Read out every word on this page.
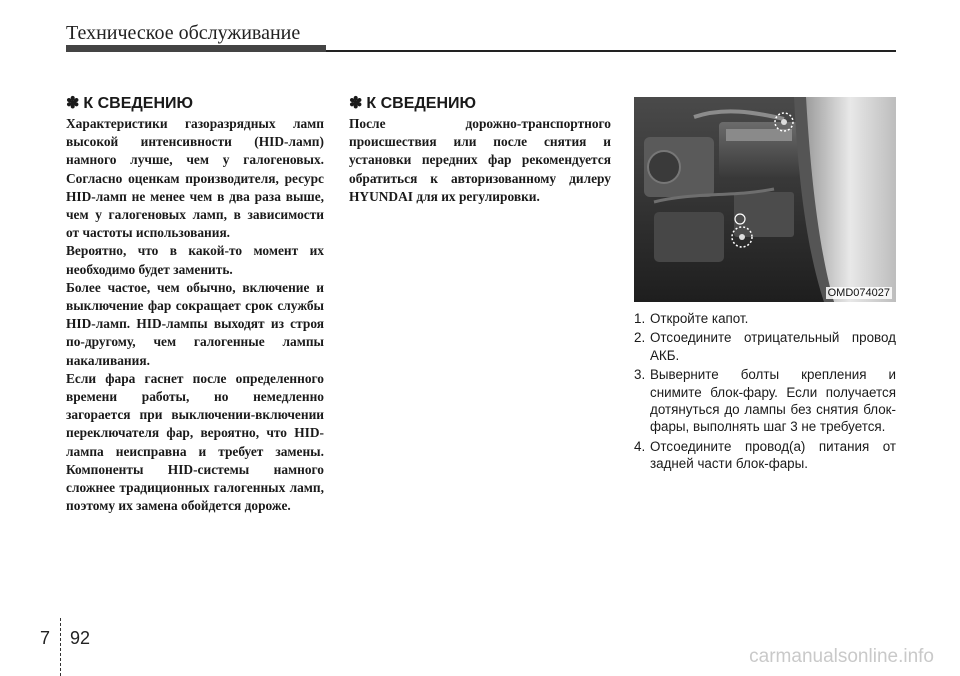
Техническое обслуживание
✽ К СВЕДЕНИЮ

Характеристики газоразрядных ламп высокой интенсивности (HID-ламп) намного лучше, чем у галогеновых. Согласно оценкам производителя, ресурс HID-ламп не менее чем в два раза выше, чем у галогеновых ламп, в зависимости от частоты использования.

Вероятно, что в какой-то момент их необходимо будет заменить.

Более частое, чем обычно, включение и выключение фар сокращает срок службы HID-ламп. HID-лампы выходят из строя по-другому, чем галогенные лампы накаливания.

Если фара гаснет после определенного времени работы, но немедленно загорается при выключении-включении переключателя фар, вероятно, что HID-лампа неисправна и требует замены. Компоненты HID-системы намного сложнее традиционных галогенных ламп, поэтому их замена обойдется дороже.

✽ К СВЕДЕНИЮ

После дорожно-транспортного происшествия или после снятия и установки передних фар рекомендуется обратиться к авторизованному дилеру HYUNDAI для их регулировки.

OMD074027
1. Откройте капот.
2. Отсоедините отрицательный провод АКБ.
3. Выверните болты крепления и снимите блок-фару. Если получается дотянуться до лампы без снятия блок-фары, выполнять шаг 3 не требуется.
4. Отсоедините провод(а) питания от задней части блок-фары.
7 92
carmanualsonline.info
